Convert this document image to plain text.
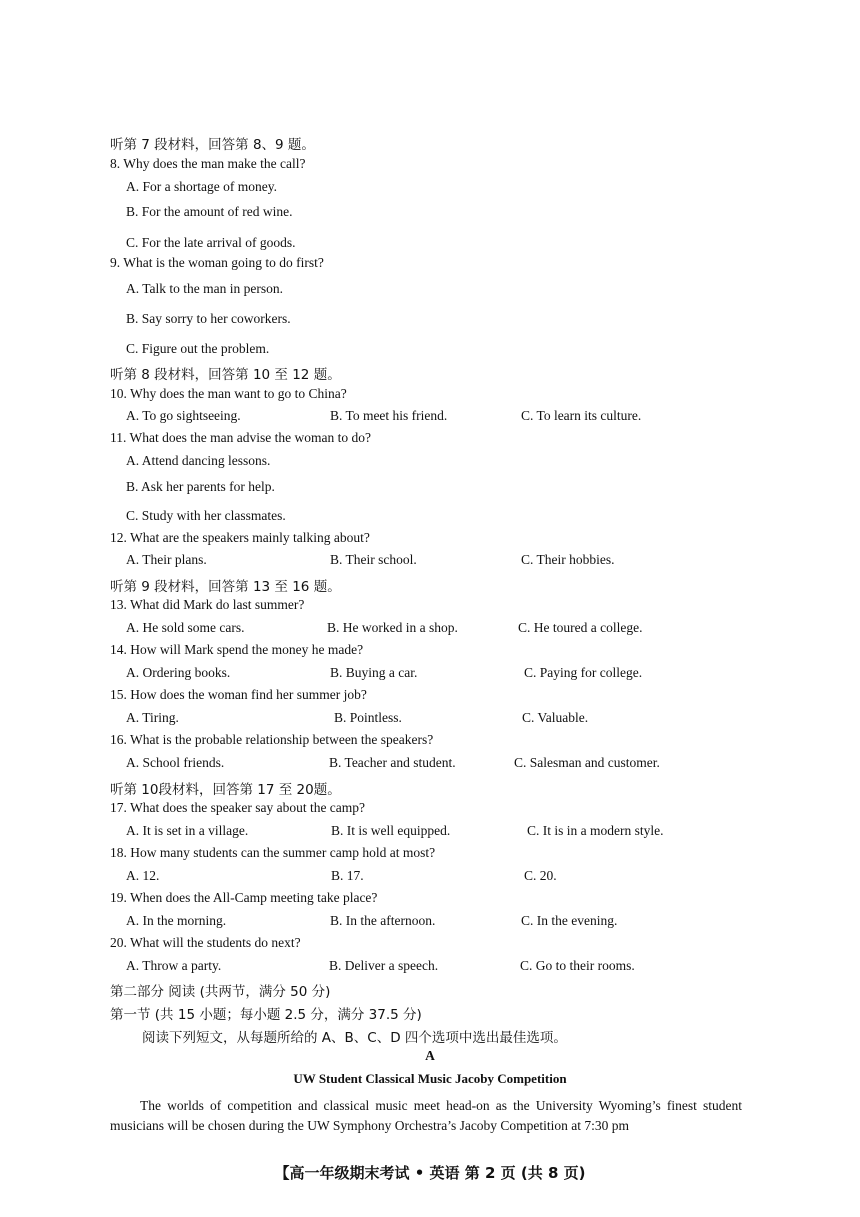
听第 7 段材料，回答第 8、9 题。
8. Why does the man make the call?
A. For a shortage of money.
B. For the amount of red wine.
C. For the late arrival of goods.
9. What is the woman going to do first?
A. Talk to the man in person.
B. Say sorry to her coworkers.
C. Figure out the problem.
听第 8 段材料，回答第 10 至 12 题。
10. Why does the man want to go to China?
A. To go sightseeing.	B. To meet his friend.	C. To learn its culture.
11. What does the man advise the woman to do?
A. Attend dancing lessons.
B. Ask her parents for help.
C. Study with her classmates.
12. What are the speakers mainly talking about?
A. Their plans.	B. Their school.	C. Their hobbies.
听第 9 段材料，回答第 13 至 16 题。
13. What did Mark do last summer?
A. He sold some cars.	B. He worked in a shop.	C. He toured a college.
14. How will Mark spend the money he made?
A. Ordering books.	B. Buying a car.	C. Paying for college.
15. How does the woman find her summer job?
A. Tiring.	B. Pointless.	C. Valuable.
16. What is the probable relationship between the speakers?
A. School friends.	B. Teacher and student.	C. Salesman and customer.
听第 10段材料，回答第 17 至 20题。
17. What does the speaker say about the camp?
A. It is set in a village.	B. It is well equipped.	C. It is in a modern style.
18. How many students can the summer camp hold at most?
A. 12.	B. 17.	C. 20.
19. When does the All-Camp meeting take place?
A. In the morning.	B. In the afternoon.	C. In the evening.
20. What will the students do next?
A. Throw a party.	B. Deliver a speech.	C. Go to their rooms.
第二部分 阅读 (共两节，满分 50 分)
第一节 (共 15 小题；每小题 2.5 分，满分 37.5 分)
阅读下列短文，从每题所给的 A、B、C、D 四个选项中选出最佳选项。
A
UW Student Classical Music Jacoby Competition
The worlds of competition and classical music meet head-on as the University Wyoming’s finest student musicians will be chosen during the UW Symphony Orchestra’s Jacoby Competition at 7:30 pm
【高一年级期末考试 • 英语 第 2 页 (共 8 页)
